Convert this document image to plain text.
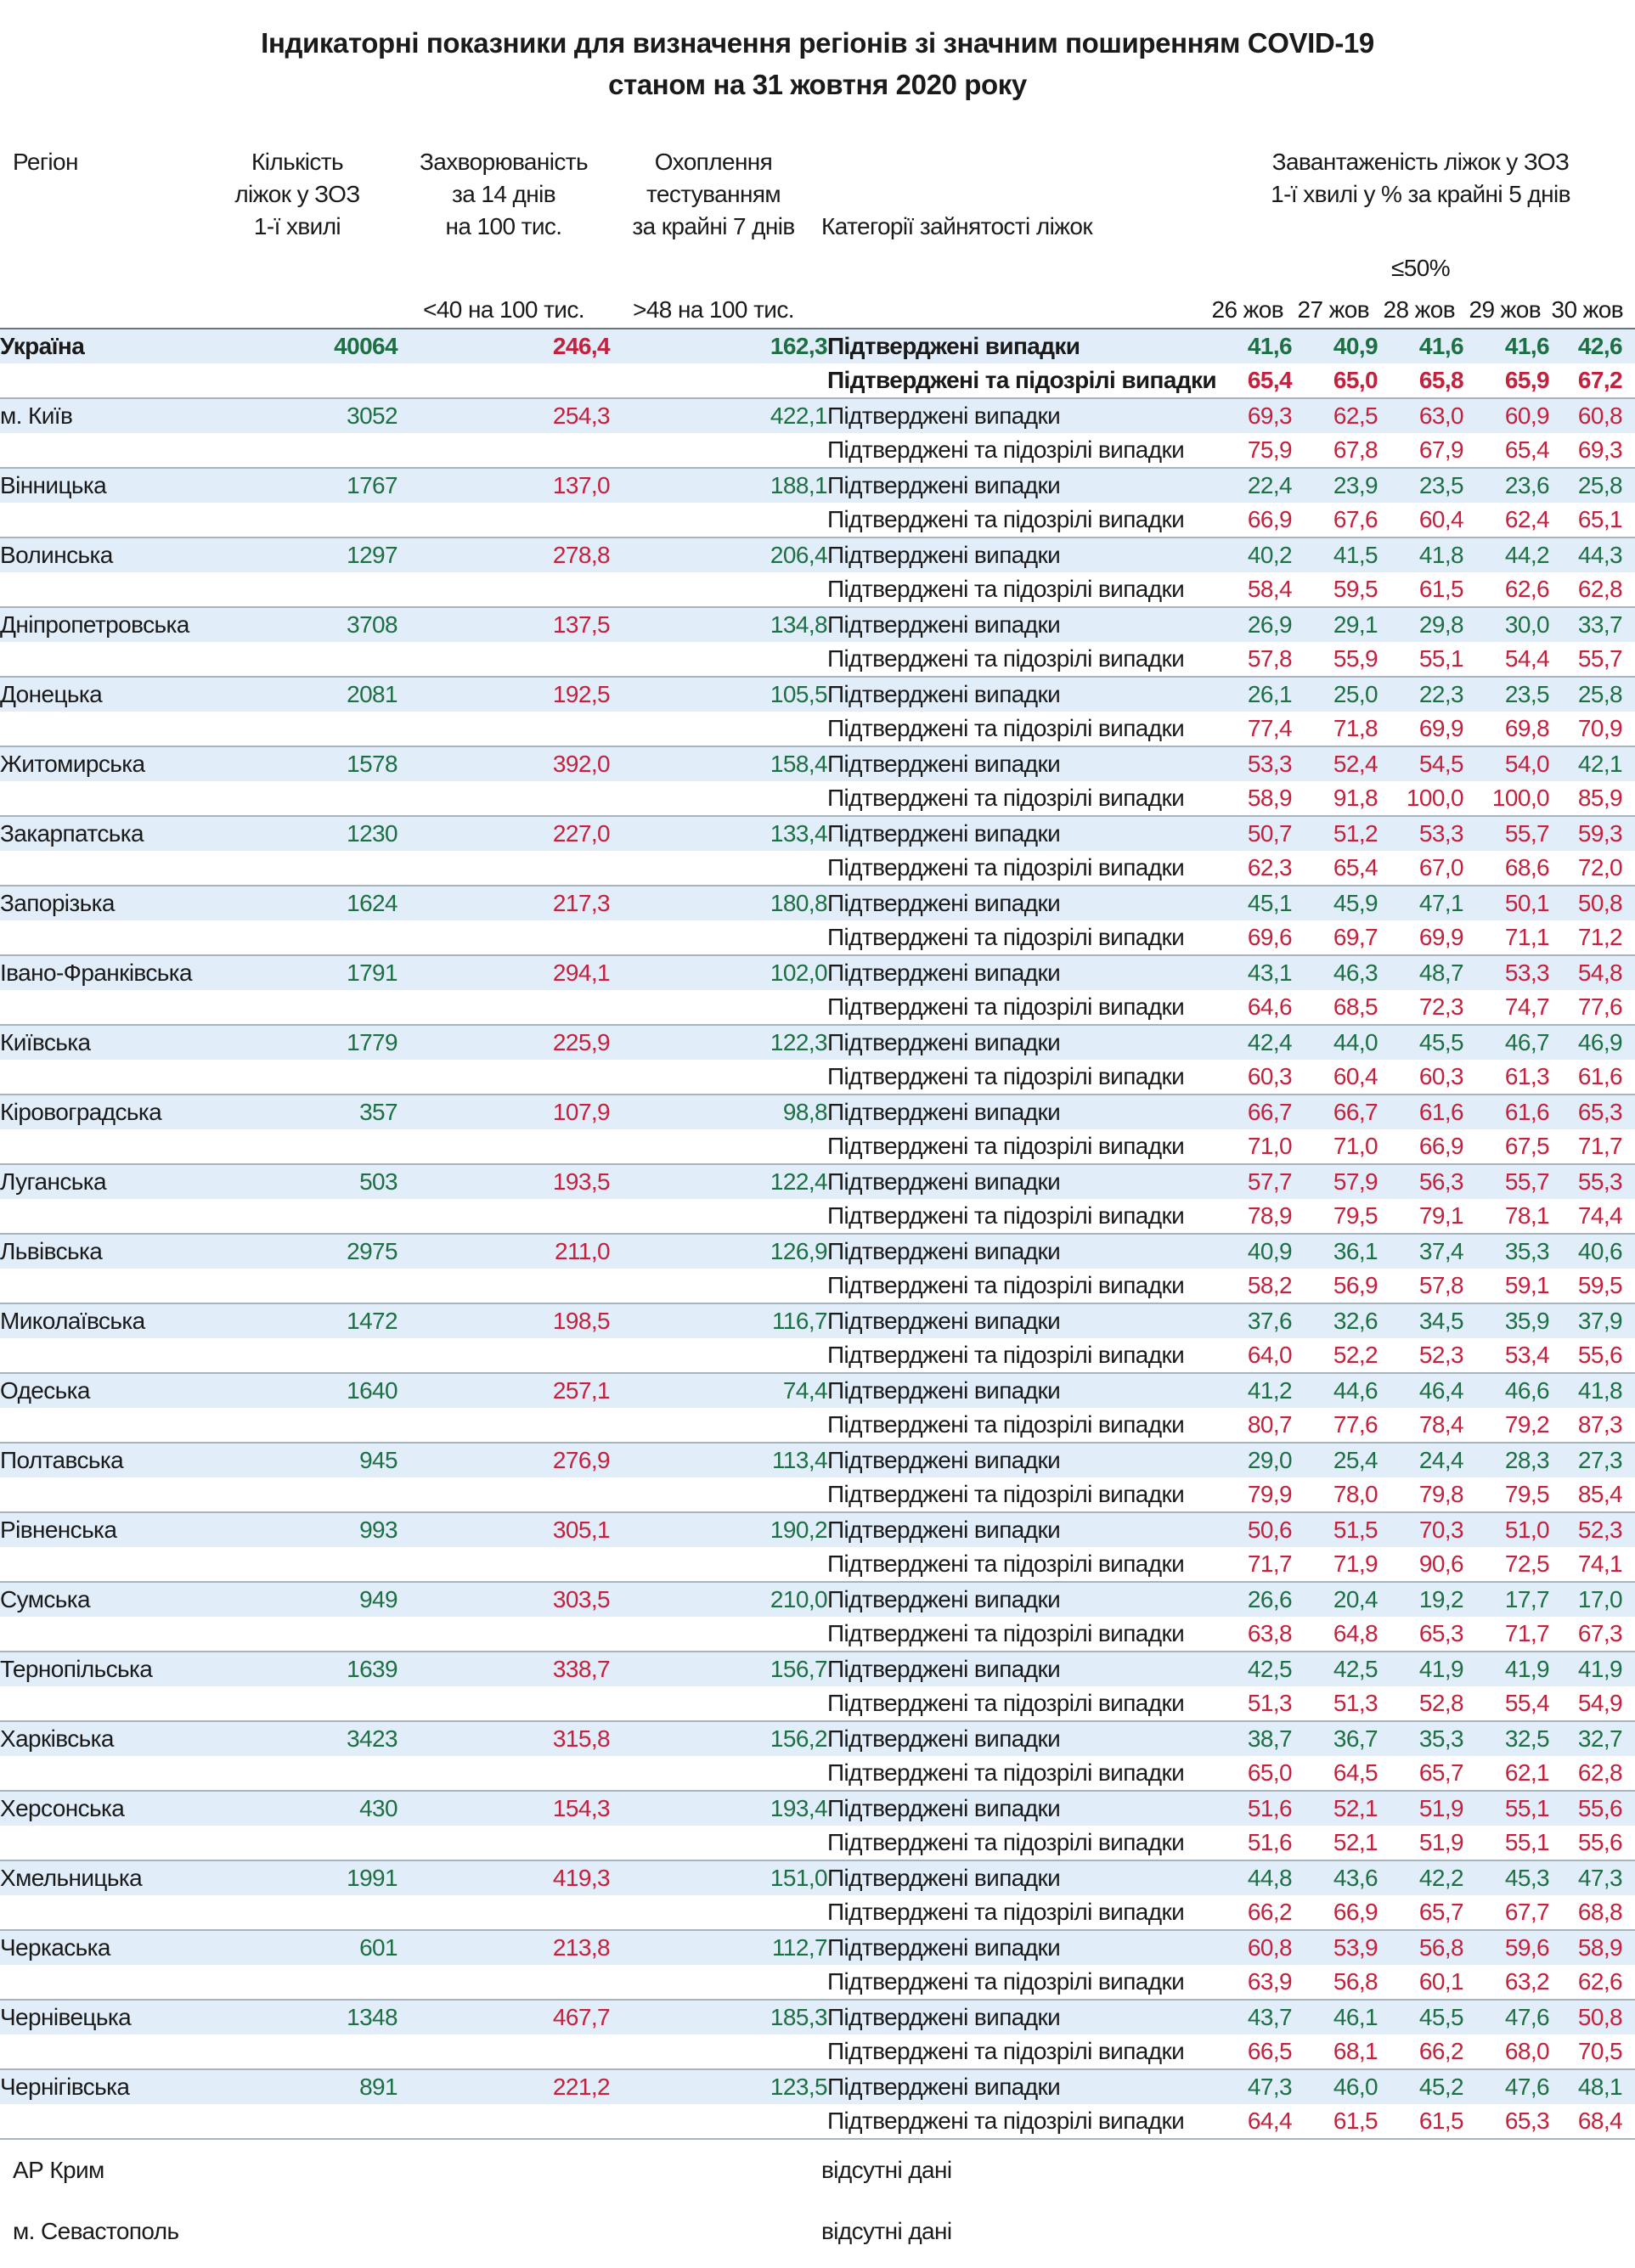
Індикаторні показники для визначення регіонів зі значним поширенням COVID-19
станом на 31 жовтня 2020 року
Регіон	Кількість
ліжок у ЗОЗ
1-ї хвилі
Захворюваність
за 14 днів
на 100 тис.
Охоплення
тестуванням
за крайні 7 днів	Категорії зайнятості ліжок
Завантаженість ліжок у ЗОЗ
1-ї хвилі у % за крайні 5 днів
≤50%
<40 на 100 тис.	>48 на 100 тис.	26 жов 27 жов 28 жов 29 жов 30 жов
Україна	40064	246,4	162,3	Підтверджені випадки	41,6	40,9	41,6	41,6	42,6
				Підтверджені та підозрілі випадки	65,4	65,0	65,8	65,9	67,2
м. Київ	3052	254,3	422,1	Підтверджені випадки	69,3	62,5	63,0	60,9	60,8
				Підтверджені та підозрілі випадки	75,9	67,8	67,9	65,4	69,3
Вінницька	1767	137,0	188,1	Підтверджені випадки	22,4	23,9	23,5	23,6	25,8
				Підтверджені та підозрілі випадки	66,9	67,6	60,4	62,4	65,1
Волинська	1297	278,8	206,4	Підтверджені випадки	40,2	41,5	41,8	44,2	44,3
				Підтверджені та підозрілі випадки	58,4	59,5	61,5	62,6	62,8
Дніпропетровська	3708	137,5	134,8	Підтверджені випадки	26,9	29,1	29,8	30,0	33,7
				Підтверджені та підозрілі випадки	57,8	55,9	55,1	54,4	55,7
Донецька	2081	192,5	105,5	Підтверджені випадки	26,1	25,0	22,3	23,5	25,8
				Підтверджені та підозрілі випадки	77,4	71,8	69,9	69,8	70,9
Житомирська	1578	392,0	158,4	Підтверджені випадки	53,3	52,4	54,5	54,0	42,1
				Підтверджені та підозрілі випадки	58,9	91,8	100,0	100,0	85,9
Закарпатська	1230	227,0	133,4	Підтверджені випадки	50,7	51,2	53,3	55,7	59,3
				Підтверджені та підозрілі випадки	62,3	65,4	67,0	68,6	72,0
Запорізька	1624	217,3	180,8	Підтверджені випадки	45,1	45,9	47,1	50,1	50,8
				Підтверджені та підозрілі випадки	69,6	69,7	69,9	71,1	71,2
Івано-Франківська	1791	294,1	102,0	Підтверджені випадки	43,1	46,3	48,7	53,3	54,8
				Підтверджені та підозрілі випадки	64,6	68,5	72,3	74,7	77,6
Київська	1779	225,9	122,3	Підтверджені випадки	42,4	44,0	45,5	46,7	46,9
				Підтверджені та підозрілі випадки	60,3	60,4	60,3	61,3	61,6
Кіровоградська	357	107,9	98,8	Підтверджені випадки	66,7	66,7	61,6	61,6	65,3
				Підтверджені та підозрілі випадки	71,0	71,0	66,9	67,5	71,7
Луганська	503	193,5	122,4	Підтверджені випадки	57,7	57,9	56,3	55,7	55,3
				Підтверджені та підозрілі випадки	78,9	79,5	79,1	78,1	74,4
Львівська	2975	211,0	126,9	Підтверджені випадки	40,9	36,1	37,4	35,3	40,6
				Підтверджені та підозрілі випадки	58,2	56,9	57,8	59,1	59,5
Миколаївська	1472	198,5	116,7	Підтверджені випадки	37,6	32,6	34,5	35,9	37,9
				Підтверджені та підозрілі випадки	64,0	52,2	52,3	53,4	55,6
Одеська	1640	257,1	74,4	Підтверджені випадки	41,2	44,6	46,4	46,6	41,8
				Підтверджені та підозрілі випадки	80,7	77,6	78,4	79,2	87,3
Полтавська	945	276,9	113,4	Підтверджені випадки	29,0	25,4	24,4	28,3	27,3
				Підтверджені та підозрілі випадки	79,9	78,0	79,8	79,5	85,4
Рівненська	993	305,1	190,2	Підтверджені випадки	50,6	51,5	70,3	51,0	52,3
				Підтверджені та підозрілі випадки	71,7	71,9	90,6	72,5	74,1
Сумська	949	303,5	210,0	Підтверджені випадки	26,6	20,4	19,2	17,7	17,0
				Підтверджені та підозрілі випадки	63,8	64,8	65,3	71,7	67,3
Тернопільська	1639	338,7	156,7	Підтверджені випадки	42,5	42,5	41,9	41,9	41,9
				Підтверджені та підозрілі випадки	51,3	51,3	52,8	55,4	54,9
Харківська	3423	315,8	156,2	Підтверджені випадки	38,7	36,7	35,3	32,5	32,7
				Підтверджені та підозрілі випадки	65,0	64,5	65,7	62,1	62,8
Херсонська	430	154,3	193,4	Підтверджені випадки	51,6	52,1	51,9	55,1	55,6
				Підтверджені та підозрілі випадки	51,6	52,1	51,9	55,1	55,6
Хмельницька	1991	419,3	151,0	Підтверджені випадки	44,8	43,6	42,2	45,3	47,3
				Підтверджені та підозрілі випадки	66,2	66,9	65,7	67,7	68,8
Черкаська	601	213,8	112,7	Підтверджені випадки	60,8	53,9	56,8	59,6	58,9
				Підтверджені та підозрілі випадки	63,9	56,8	60,1	63,2	62,6
Чернівецька	1348	467,7	185,3	Підтверджені випадки	43,7	46,1	45,5	47,6	50,8
				Підтверджені та підозрілі випадки	66,5	68,1	66,2	68,0	70,5
Чернігівська	891	221,2	123,5	Підтверджені випадки	47,3	46,0	45,2	47,6	48,1
				Підтверджені та підозрілі випадки	64,4	61,5	61,5	65,3	68,4
АР Крим	відсутні дані
м. Севастополь	відсутні дані
